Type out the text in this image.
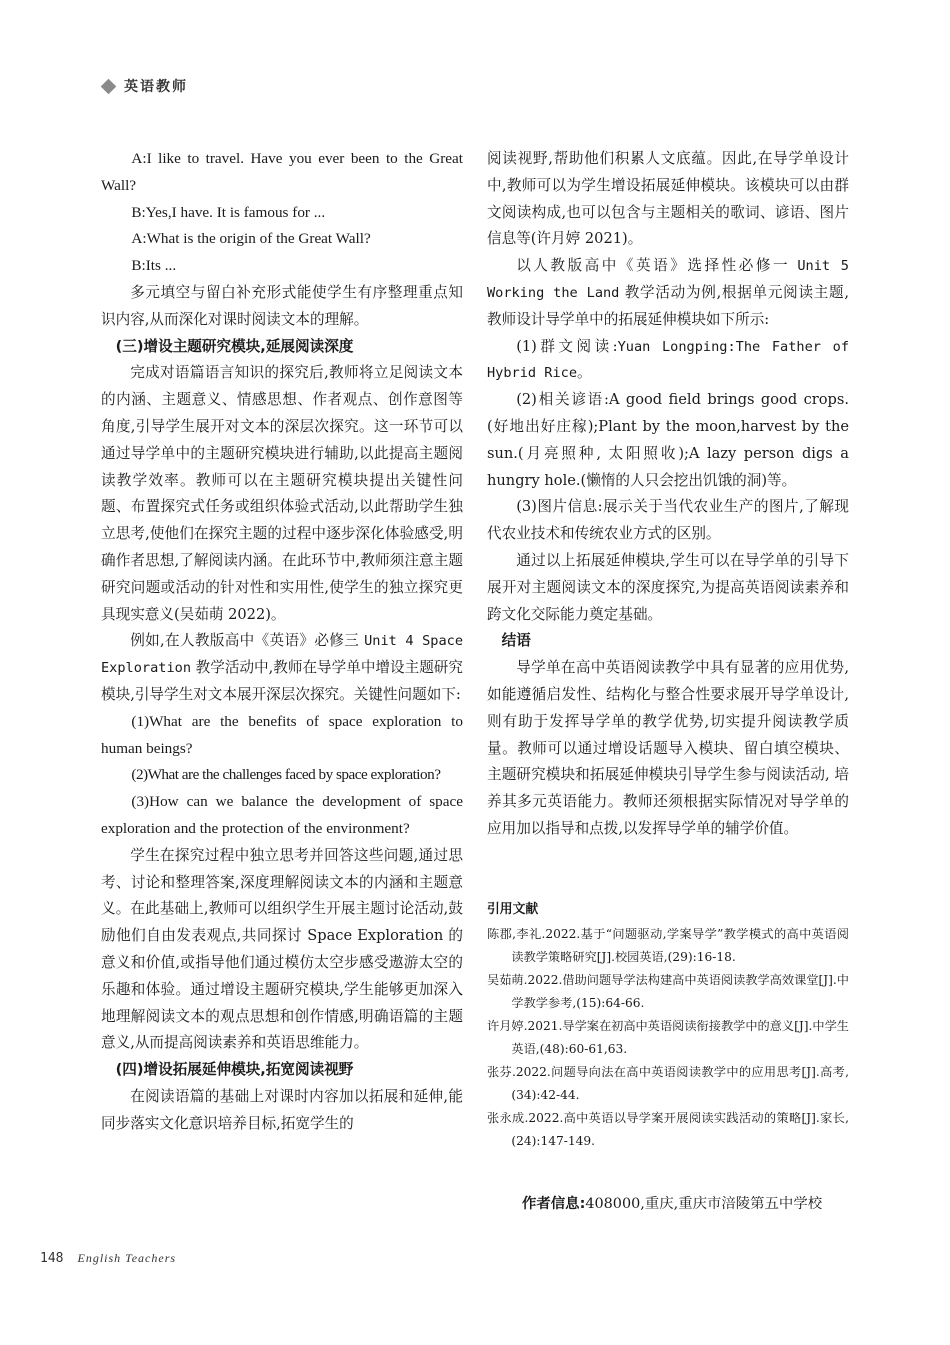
英语教师

A:I like to travel. Have you ever been to the Great Wall?

B:Yes,I have. It is famous for ...

A:What is the origin of the Great Wall?

B:Its ...

多元填空与留白补充形式能使学生有序整理重点知识内容,从而深化对课时阅读文本的理解。

(三)增设主题研究模块,延展阅读深度

完成对语篇语言知识的探究后,教师将立足阅读文本的内涵、主题意义、情感思想、作者观点、创作意图等角度,引导学生展开对文本的深层次探究。这一环节可以通过导学单中的主题研究模块进行辅助,以此提高主题阅读教学效率。教师可以在主题研究模块提出关键性问题、布置探究式任务或组织体验式活动,以此帮助学生独立思考,使他们在探究主题的过程中逐步深化体验感受,明确作者思想,了解阅读内涵。在此环节中,教师须注意主题研究问题或活动的针对性和实用性,使学生的独立探究更具现实意义(吴茹萌 2022)。

例如,在人教版高中《英语》必修三 Unit 4 Space Exploration 教学活动中,教师在导学单中增设主题研究模块,引导学生对文本展开深层次探究。关键性问题如下:

(1)What are the benefits of space exploration to human beings?

(2)What are the challenges faced by space exploration?

(3)How can we balance the development of space exploration and the protection of the environment?

学生在探究过程中独立思考并回答这些问题,通过思考、讨论和整理答案,深度理解阅读文本的内涵和主题意义。在此基础上,教师可以组织学生开展主题讨论活动,鼓励他们自由发表观点,共同探讨 Space Exploration 的意义和价值,或指导他们通过模仿太空步感受遨游太空的乐趣和体验。通过增设主题研究模块,学生能够更加深入地理解阅读文本的观点思想和创作情感,明确语篇的主题意义,从而提高阅读素养和英语思维能力。

(四)增设拓展延伸模块,拓宽阅读视野

在阅读语篇的基础上对课时内容加以拓展和延伸,能同步落实文化意识培养目标,拓宽学生的

阅读视野,帮助他们积累人文底蕴。因此,在导学单设计中,教师可以为学生增设拓展延伸模块。该模块可以由群文阅读构成,也可以包含与主题相关的歌词、谚语、图片信息等(许月婷 2021)。

以人教版高中《英语》选择性必修一 Unit 5 Working the Land 教学活动为例,根据单元阅读主题,教师设计导学单中的拓展延伸模块如下所示:

(1)群文阅读:Yuan Longping:The Father of Hybrid Rice。

(2)相关谚语:A good field brings good crops.(好地出好庄稼);Plant by the moon,harvest by the sun.(月亮照种, 太阳照收);A lazy person digs a hungry hole.(懒惰的人只会挖出饥饿的洞)等。

(3)图片信息:展示关于当代农业生产的图片,了解现代农业技术和传统农业方式的区别。

通过以上拓展延伸模块,学生可以在导学单的引导下展开对主题阅读文本的深度探究,为提高英语阅读素养和跨文化交际能力奠定基础。

结语

导学单在高中英语阅读教学中具有显著的应用优势,如能遵循启发性、结构化与整合性要求展开导学单设计, 则有助于发挥导学单的教学优势,切实提升阅读教学质量。教师可以通过增设话题导入模块、留白填空模块、主题研究模块和拓展延伸模块引导学生参与阅读活动, 培养其多元英语能力。教师还须根据实际情况对导学单的应用加以指导和点拨,以发挥导学单的辅学价值。

引用文献
陈郡,李礼.2022.基于“问题驱动,学案导学”教学模式的高中英语阅读教学策略研究[J].校园英语,(29):16-18.
吴茹萌.2022.借助问题导学法构建高中英语阅读教学高效课堂[J].中学教学参考,(15):64-66.
许月婷.2021.导学案在初高中英语阅读衔接教学中的意义[J].中学生英语,(48):60-61,63.
张芬.2022.问题导向法在高中英语阅读教学中的应用思考[J].高考,(34):42-44.
张永成.2022.高中英语以导学案开展阅读实践活动的策略[J].家长,(24):147-149.
作者信息:408000,重庆,重庆市涪陵第五中学校
148 English Teachers
